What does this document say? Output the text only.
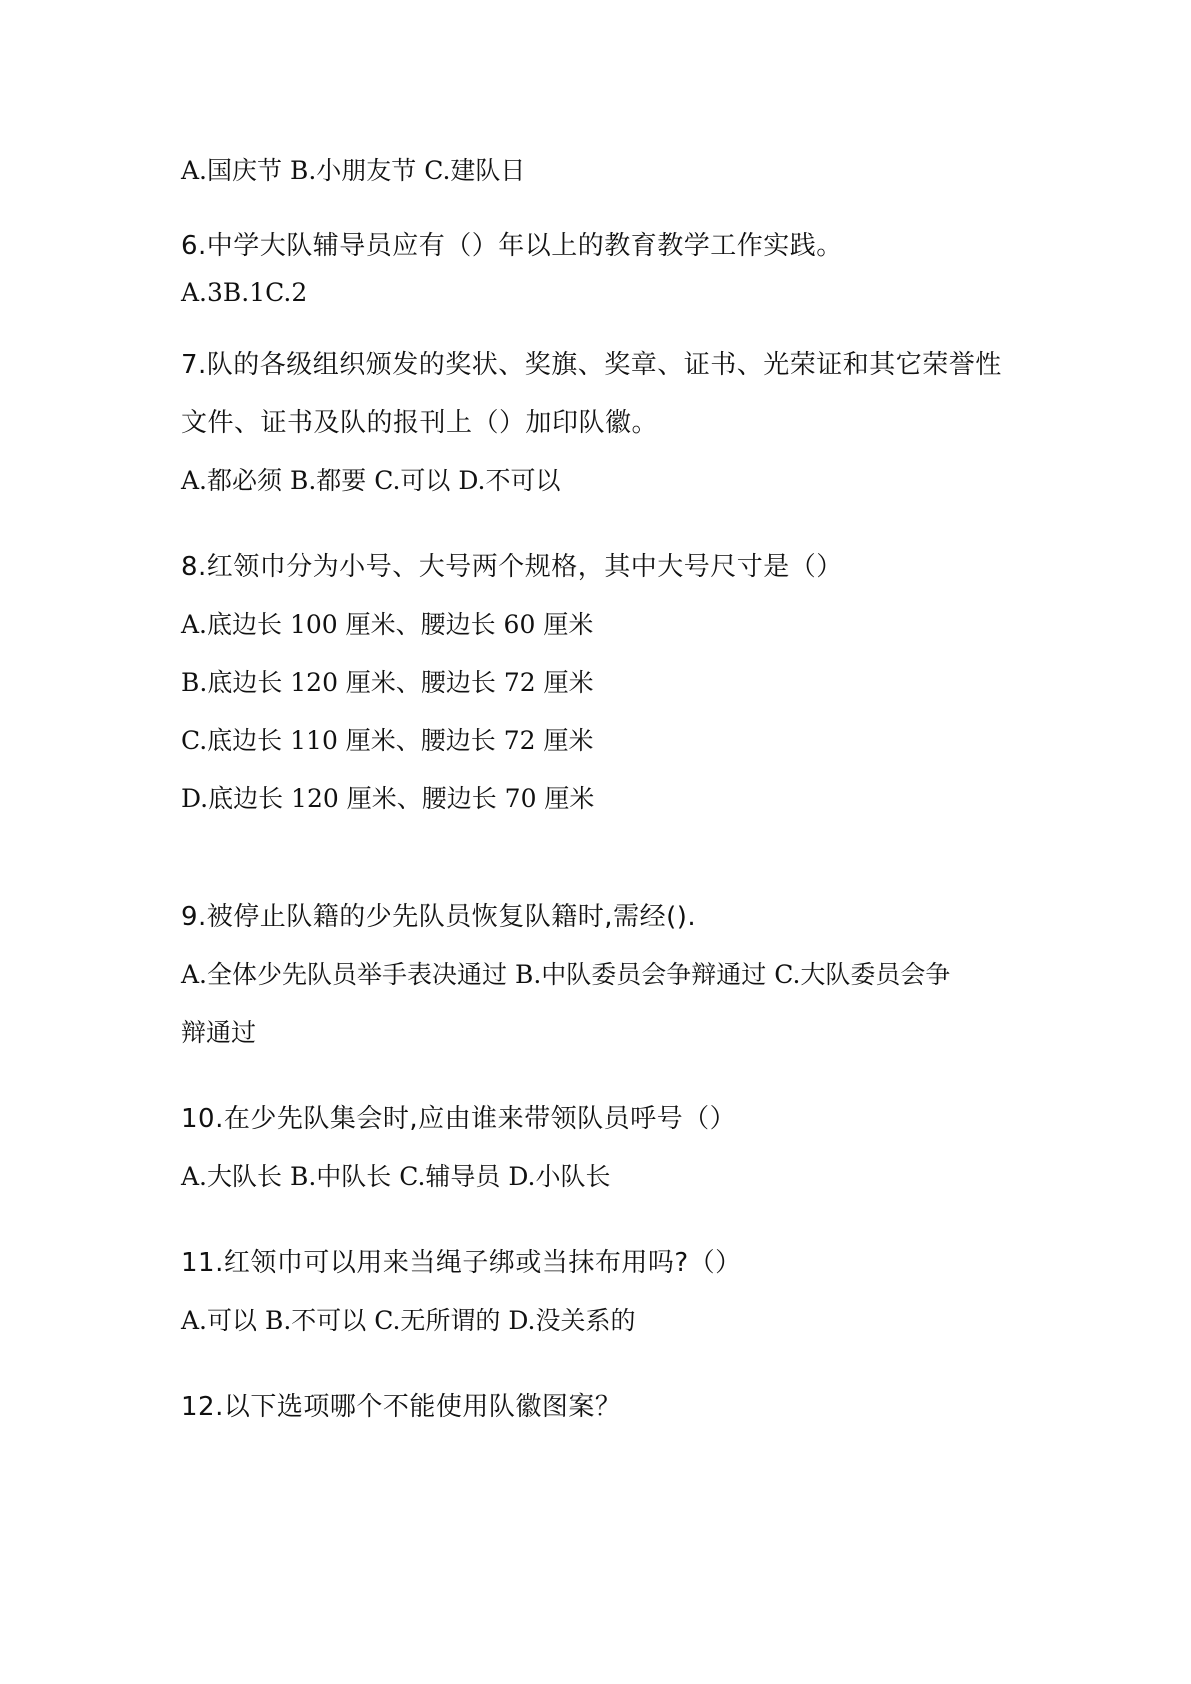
A.国庆节 B.小朋友节 C.建队日
6.中学大队辅导员应有（）年以上的教育教学工作实践。
A.3B.1C.2
7.队的各级组织颁发的奖状、奖旗、奖章、证书、光荣证和其它荣誉性
文件、证书及队的报刊上（）加印队徽。
A.都必须 B.都要 C.可以 D.不可以
8.红领巾分为小号、大号两个规格，其中大号尺寸是（）
A.底边长 100 厘米、腰边长 60 厘米
B.底边长 120 厘米、腰边长 72 厘米
C.底边长 110 厘米、腰边长 72 厘米
D.底边长 120 厘米、腰边长 70 厘米
9.被停止队籍的少先队员恢复队籍时,需经().
A.全体少先队员举手表决通过 B.中队委员会争辩通过 C.大队委员会争
辩通过
10.在少先队集会时,应由谁来带领队员呼号（）
A.大队长 B.中队长 C.辅导员 D.小队长
11.红领巾可以用来当绳子绑或当抹布用吗?（）
A.可以 B.不可以 C.无所谓的 D.没关系的
12.以下选项哪个不能使用队徽图案？
